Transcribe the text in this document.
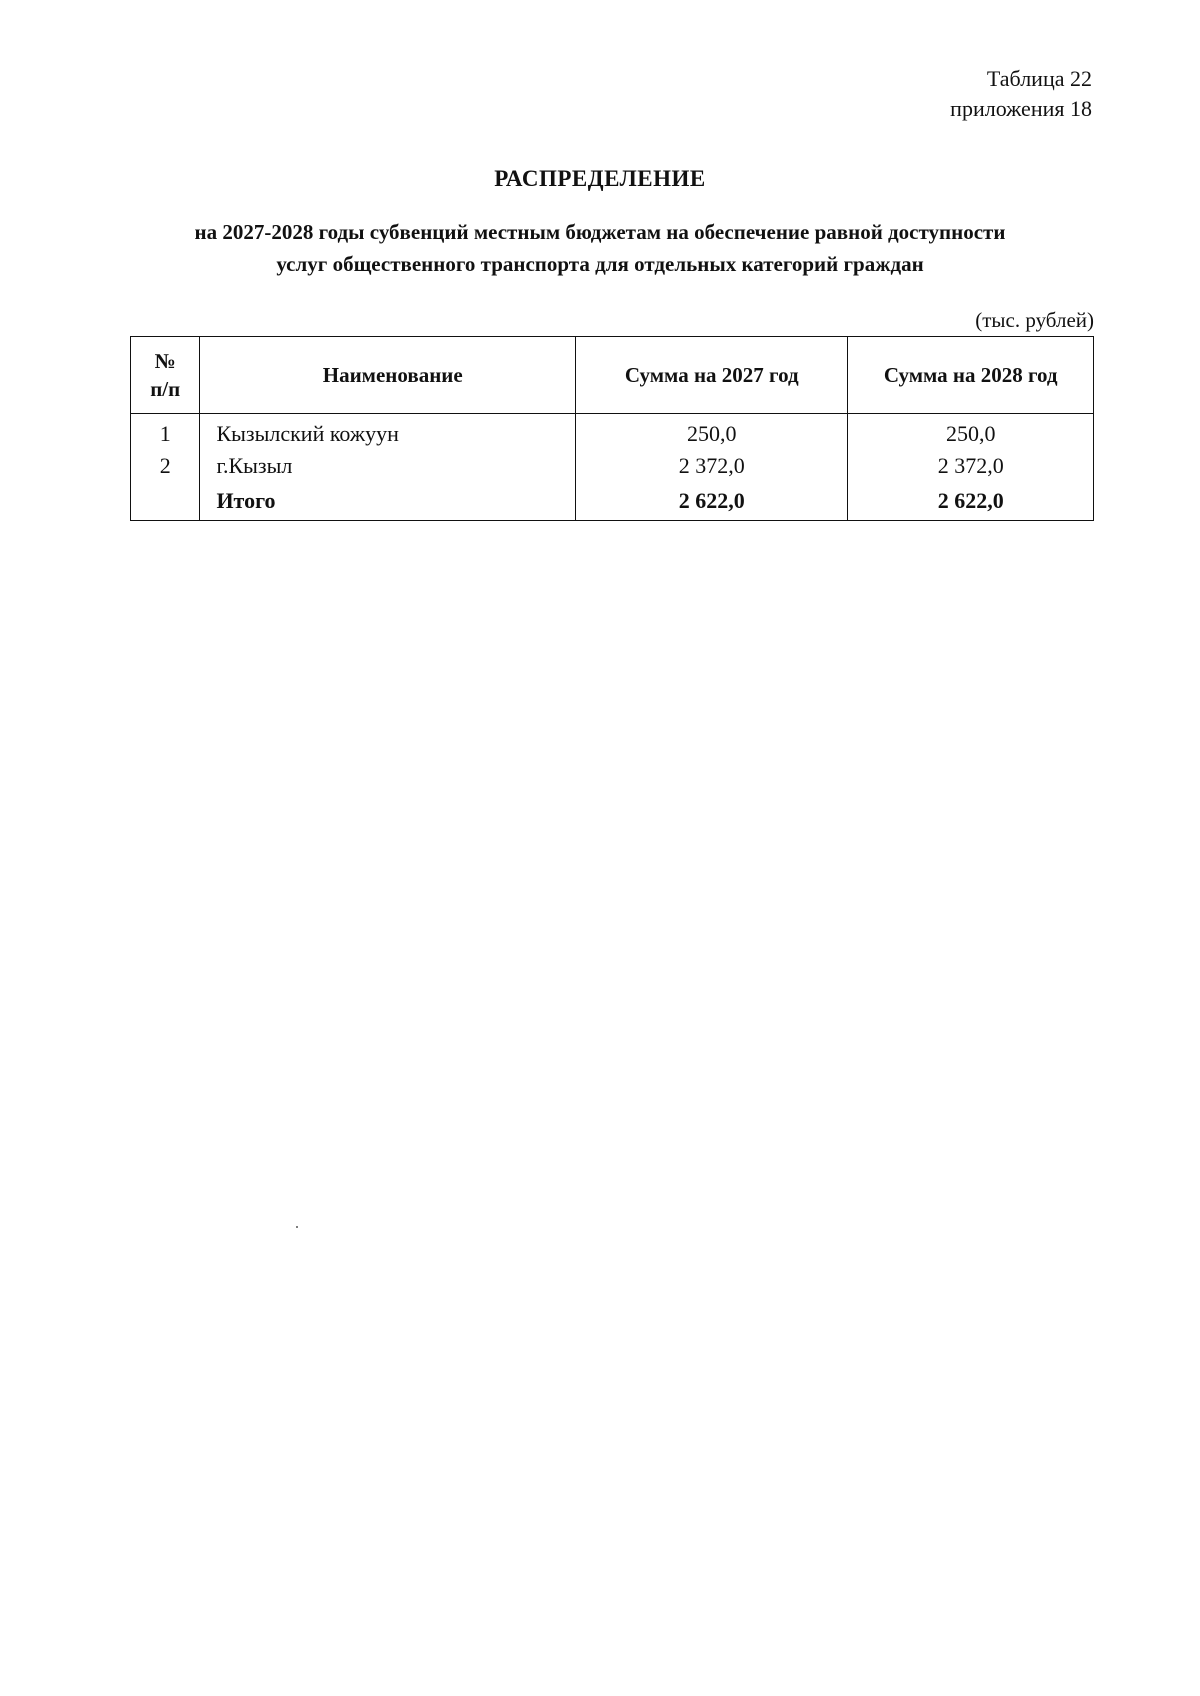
Таблица 22
приложения 18
РАСПРЕДЕЛЕНИЕ
на 2027-2028 годы субвенций местным бюджетам на обеспечение равной доступности
услуг общественного транспорта для отдельных категорий граждан
(тыс. рублей)
№
п/п	Наименование	Сумма на 2027 год	Сумма на 2028 год
1	Кызылский кожуун	250,0	250,0
2	г.Кызыл	2 372,0	2 372,0
	Итого	2 622,0	2 622,0
